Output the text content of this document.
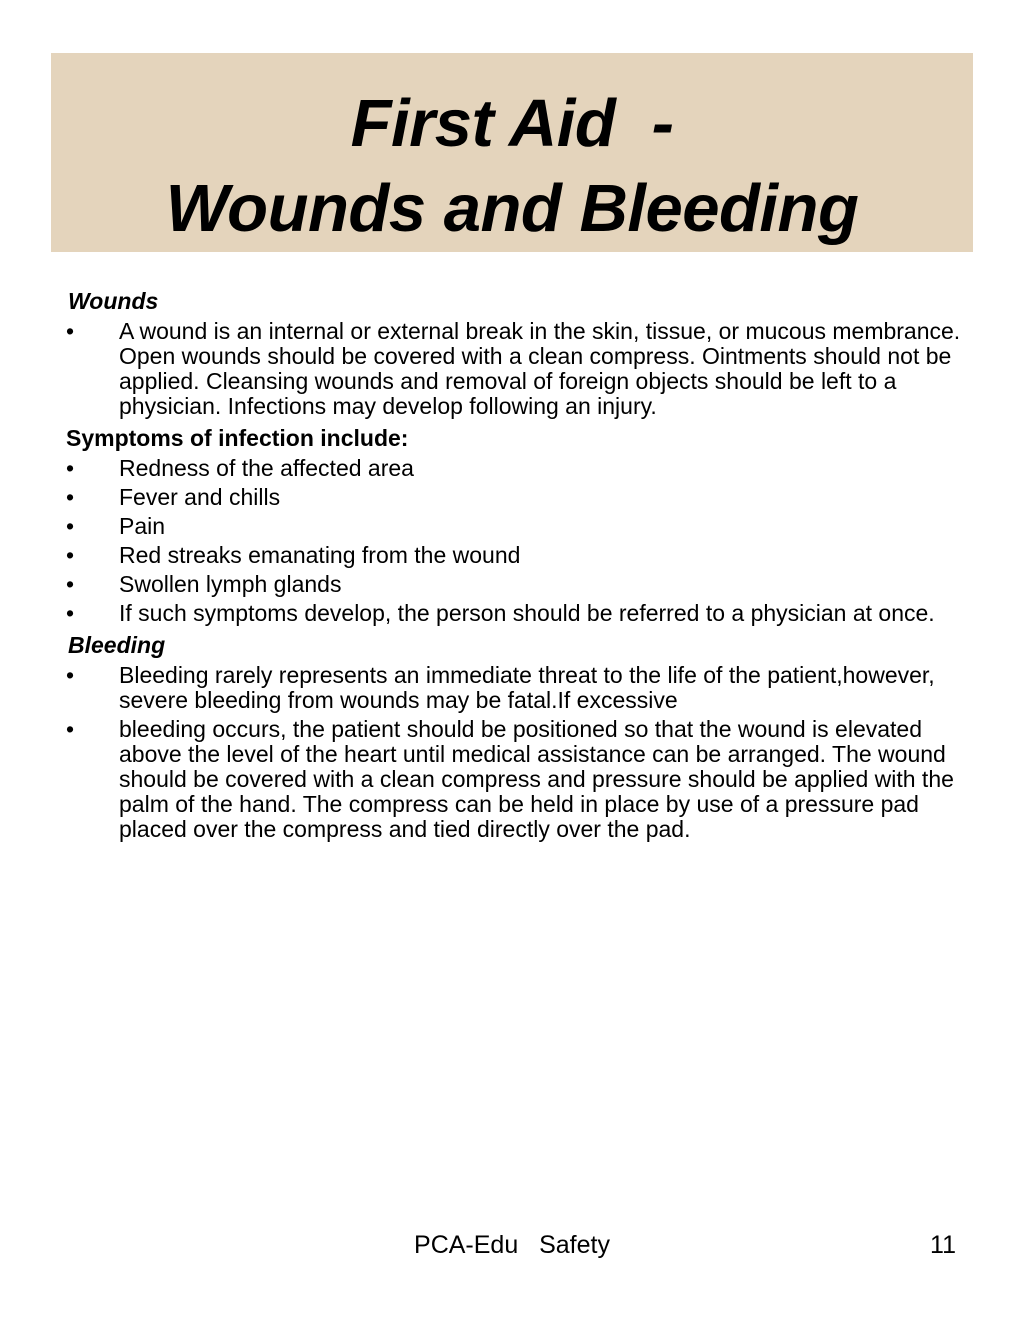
First Aid  -
Wounds and Bleeding
Wounds
•	A wound is an internal or external break in the skin, tissue, or mucous membrance. Open wounds should be covered with a clean compress. Ointments should not be applied. Cleansing wounds and removal of foreign objects should be left to a physician. Infections may develop following an injury.
Symptoms of infection include:
•	Redness of the affected area
•	Fever and chills
•	Pain
•	Red streaks emanating from the wound
•	Swollen lymph glands
•	If such symptoms develop, the person should be referred to a physician at once.
Bleeding
•	Bleeding rarely represents an immediate threat to the life of the patient,however, severe bleeding from wounds may be fatal.If excessive
•	bleeding occurs, the patient should be positioned so that the wound is elevated above the level of the heart until medical assistance can be arranged. The wound should be covered with a clean compress and pressure should be applied with the palm of the hand. The compress can be held in place by use of a pressure pad placed over the compress and tied directly over the pad.
PCA-Edu   Safety	11
